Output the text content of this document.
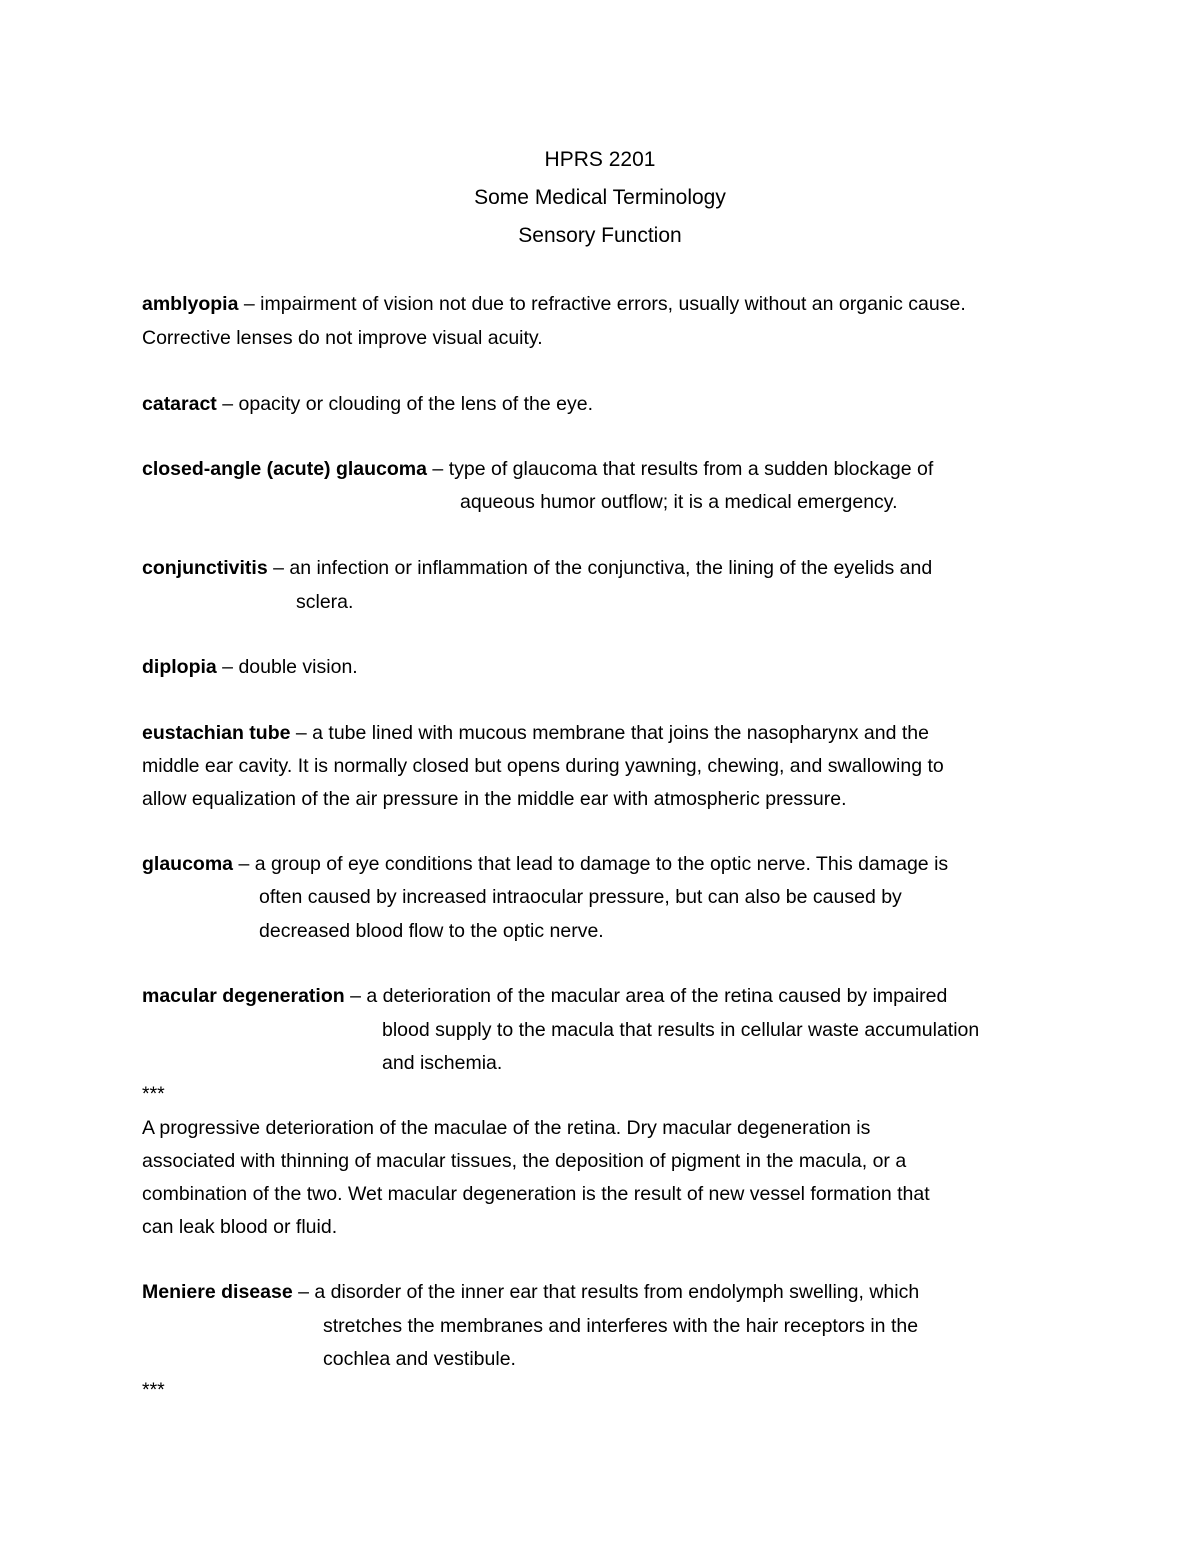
HPRS 2201
Some Medical Terminology
Sensory Function
amblyopia – impairment of vision not due to refractive errors, usually without an organic cause.
Corrective lenses do not improve visual acuity.
cataract – opacity or clouding of the lens of the eye.
closed-angle (acute) glaucoma – type of glaucoma that results from a sudden blockage of
aqueous humor outflow; it is a medical emergency.
conjunctivitis – an infection or inflammation of the conjunctiva, the lining of the eyelids and
sclera.
diplopia – double vision.
eustachian tube – a tube lined with mucous membrane that joins the nasopharynx and the
middle ear cavity. It is normally closed but opens during yawning, chewing, and swallowing to
allow equalization of the air pressure in the middle ear with atmospheric pressure.
glaucoma – a group of eye conditions that lead to damage to the optic nerve. This damage is
often caused by increased intraocular pressure, but can also be caused by
decreased blood flow to the optic nerve.
macular degeneration – a deterioration of the macular area of the retina caused by impaired
blood supply to the macula that results in cellular waste accumulation
and ischemia.
***
A progressive deterioration of the maculae of the retina. Dry macular degeneration is
associated with thinning of macular tissues, the deposition of pigment in the macula, or a
combination of the two. Wet macular degeneration is the result of new vessel formation that
can leak blood or fluid.
Meniere disease – a disorder of the inner ear that results from endolymph swelling, which
stretches the membranes and interferes with the hair receptors in the
cochlea and vestibule.
***
